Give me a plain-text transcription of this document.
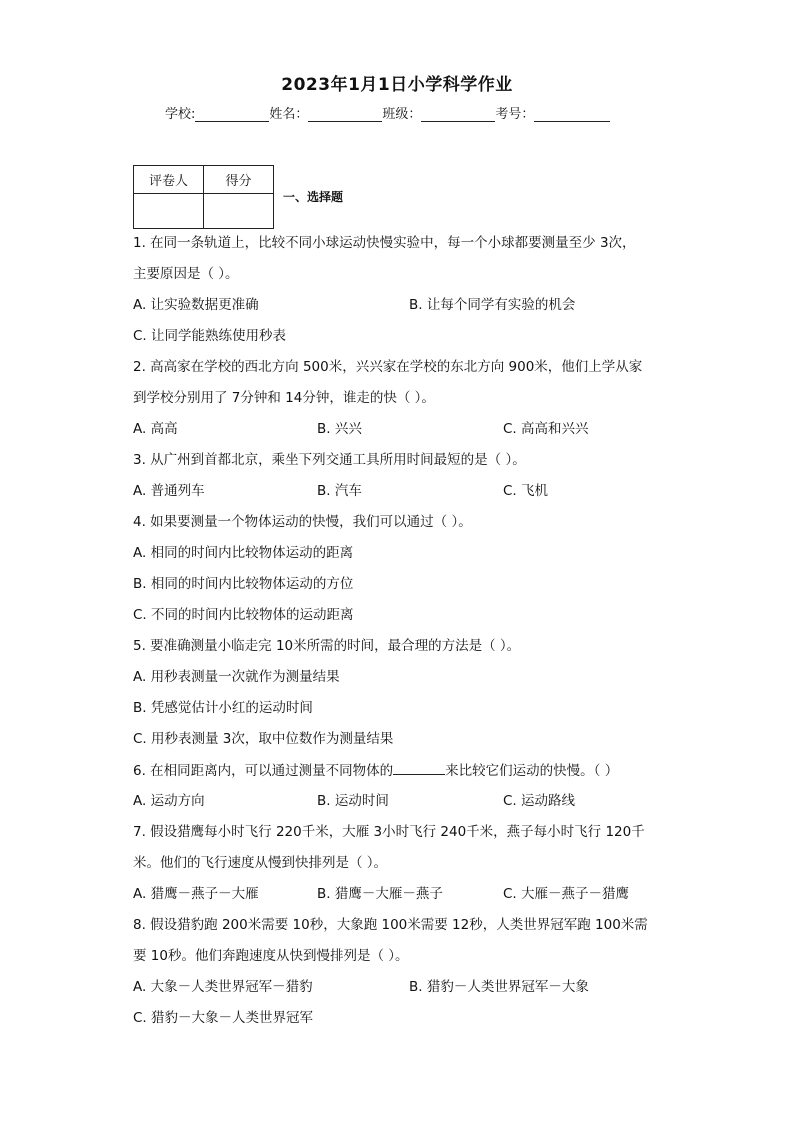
2023年1月1日小学科学作业
学校:	姓名：	班级：	考号：
评卷人	得分

一、选择题
1. 在同一条轨道上，比较不同小球运动快慢实验中，每一个小球都要测量至少 3次，
主要原因是（ ）。
A. 让实验数据更准确	B. 让每个同学有实验的机会
C. 让同学能熟练使用秒表
2. 高高家在学校的西北方向 500米，兴兴家在学校的东北方向 900米，他们上学从家
到学校分别用了 7分钟和 14分钟，谁走的快（ ）。
A. 高高	B. 兴兴	C. 高高和兴兴
3. 从广州到首都北京，乘坐下列交通工具所用时间最短的是（ ）。
A. 普通列车	B. 汽车	C. 飞机
4. 如果要测量一个物体运动的快慢，我们可以通过（ ）。
A. 相同的时间内比较物体运动的距离
B. 相同的时间内比较物体运动的方位
C. 不同的时间内比较物体的运动距离
5. 要准确测量小临走完 10米所需的时间，最合理的方法是（ ）。
A. 用秒表测量一次就作为测量结果
B. 凭感觉估计小红的运动时间
C. 用秒表测量 3次，取中位数作为测量结果
6. 在相同距离内，可以通过测量不同物体的	来比较它们运动的快慢。（ ）
A. 运动方向	B. 运动时间	C. 运动路线
7. 假设猎鹰每小时飞行 220千米，大雁 3小时飞行 240千米，燕子每小时飞行 120千
米。他们的飞行速度从慢到快排列是（ ）。
A. 猎鹰－燕子－大雁	B. 猎鹰－大雁－燕子	C. 大雁－燕子－猎鹰
8. 假设猎豹跑 200米需要 10秒，大象跑 100米需要 12秒，人类世界冠军跑 100米需
要 10秒。他们奔跑速度从快到慢排列是（ ）。
A. 大象－人类世界冠军－猎豹	B. 猎豹－人类世界冠军－大象
C. 猎豹－大象－人类世界冠军
